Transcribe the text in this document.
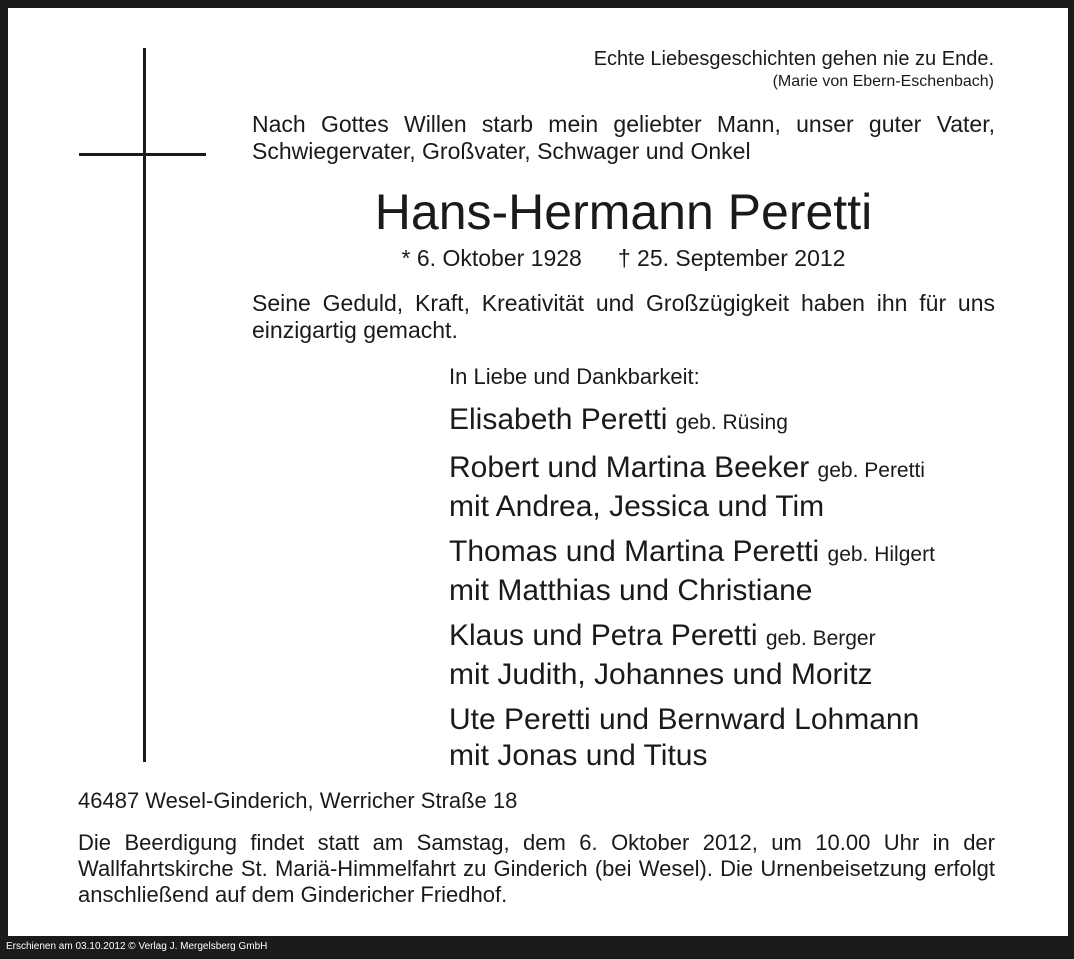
Echte Liebesgeschichten gehen nie zu Ende.
(Marie von Ebern-Eschenbach)
Nach Gottes Willen starb mein geliebter Mann, unser guter Vater, Schwiegervater, Großvater, Schwager und Onkel
Hans-Hermann Peretti
* 6. Oktober 1928 † 25. September 2012
Seine Geduld, Kraft, Kreativität und Großzügigkeit haben ihn für uns einzigartig gemacht.
In Liebe und Dankbarkeit:
Elisabeth Peretti geb. Rüsing
Robert und Martina Beeker geb. Peretti
mit Andrea, Jessica und Tim
Thomas und Martina Peretti geb. Hilgert
mit Matthias und Christiane
Klaus und Petra Peretti geb. Berger
mit Judith, Johannes und Moritz
Ute Peretti und Bernward Lohmann
mit Jonas und Titus
46487 Wesel-Ginderich, Werricher Straße 18
Die Beerdigung findet statt am Samstag, dem 6. Oktober 2012, um 10.00 Uhr in der Wallfahrtskirche St. Mariä-Himmelfahrt zu Ginderich (bei Wesel). Die Urnenbeisetzung erfolgt anschließend auf dem Gindericher Friedhof.
Erschienen am 03.10.2012 © Verlag J. Mergelsberg GmbH
